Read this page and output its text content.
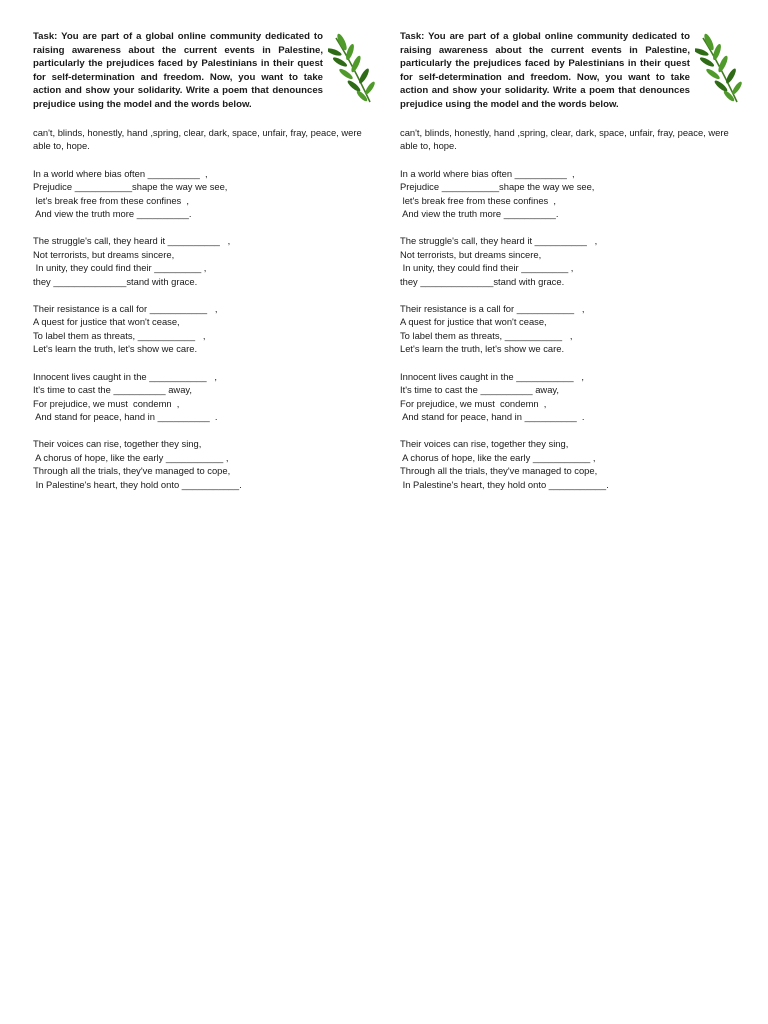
Task: You are part of a global online community dedicated to raising awareness about the current events in Palestine, particularly the prejudices faced by Palestinians in their quest for self-determination and freedom. Now, you want to take action and show your solidarity. Write a poem that denounces prejudice using the model and the words below.

can't, blinds, honestly, hand ,spring, clear, dark, space, unfair, fray, peace, were able to, hope.

In a world where bias often __________  ,
Prejudice ___________shape the way we see,
let's break free from these confines  ,
And view the truth more __________.
The struggle's call, they heard it __________   ,
Not terrorists, but dreams sincere,
In unity, they could find their _________ ,
they ______________stand with grace.
Their resistance is a call for ___________   ,
A quest for justice that won't cease,
To label them as threats, ___________   ,
Let's learn the truth, let's show we care.
Innocent lives caught in the ___________   ,
It's time to cast the __________ away,
For prejudice, we must  condemn  ,
And stand for peace, hand in __________  .
Their voices can rise, together they sing,
A chorus of hope, like the early ___________ ,
Through all the trials, they've managed to cope,
In Palestine's heart, they hold onto ___________.

Task: You are part of a global online community dedicated to raising awareness about the current events in Palestine, particularly the prejudices faced by Palestinians in their quest for self-determination and freedom. Now, you want to take action and show your solidarity. Write a poem that denounces prejudice using the model and the words below.

can't, blinds, honestly, hand ,spring, clear, dark, space, unfair, fray, peace, were able to, hope.

In a world where bias often __________  ,
Prejudice ___________shape the way we see,
let's break free from these confines  ,
And view the truth more __________.
The struggle's call, they heard it __________   ,
Not terrorists, but dreams sincere,
In unity, they could find their _________ ,
they ______________stand with grace.
Their resistance is a call for ___________   ,
A quest for justice that won't cease,
To label them as threats, ___________   ,
Let's learn the truth, let's show we care.
Innocent lives caught in the ___________   ,
It's time to cast the __________ away,
For prejudice, we must  condemn  ,
And stand for peace, hand in __________  .
Their voices can rise, together they sing,
A chorus of hope, like the early ___________ ,
Through all the trials, they've managed to cope,
In Palestine's heart, they hold onto ___________.
